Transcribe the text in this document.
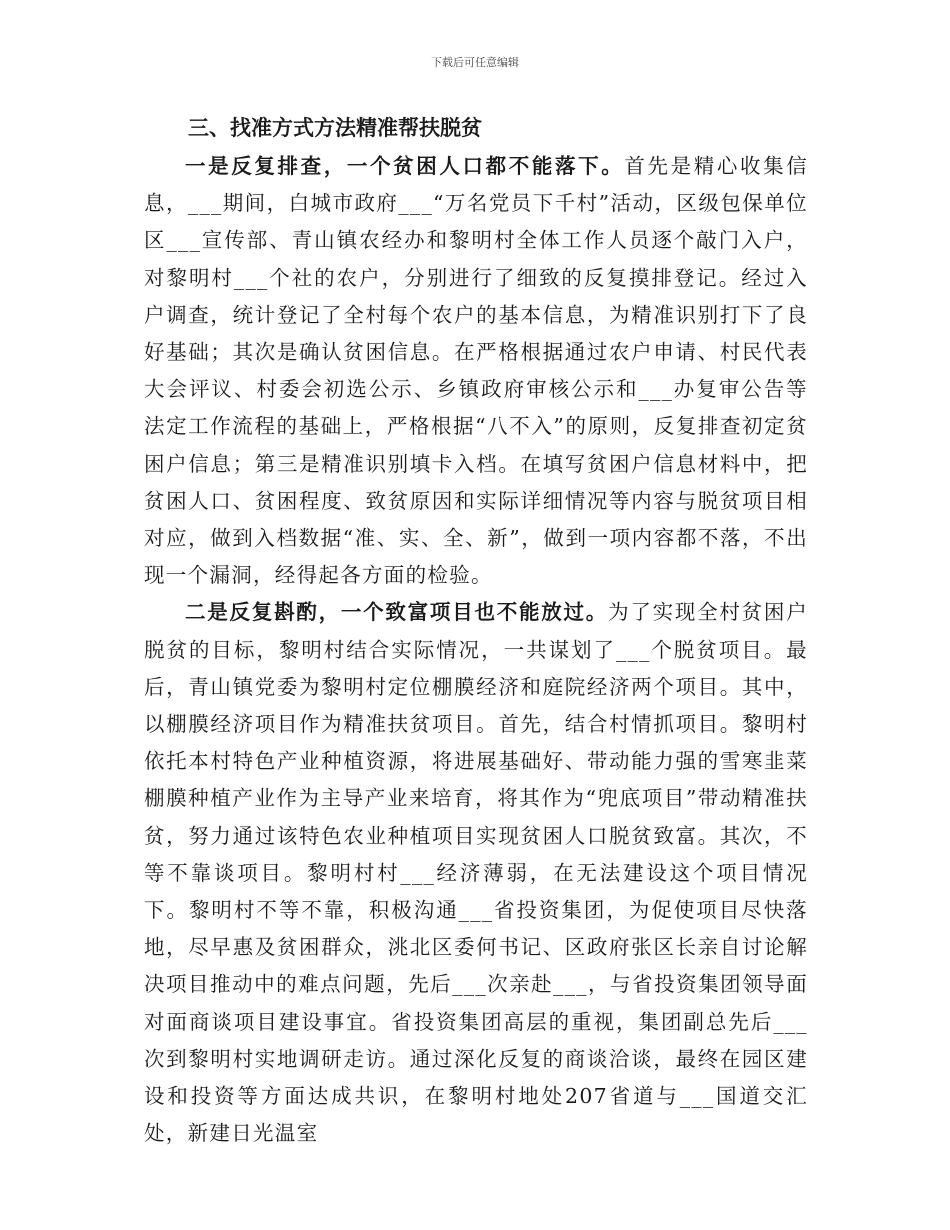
下载后可任意编辑
三、找准方式方法精准帮扶脱贫

一是反复排查，一个贫困人口都不能落下。首先是精心收集信息，___期间，白城市政府___“万名党员下千村”活动，区级包保单位区___宣传部、青山镇农经办和黎明村全体工作人员逐个敲门入户，对黎明村___个社的农户，分别进行了细致的反复摸排登记。经过入户调查，统计登记了全村每个农户的基本信息，为精准识别打下了良好基础；其次是确认贫困信息。在严格根据通过农户申请、村民代表大会评议、村委会初选公示、乡镇政府审核公示和___办复审公告等法定工作流程的基础上，严格根据“八不入”的原则，反复排查初定贫困户信息；第三是精准识别填卡入档。在填写贫困户信息材料中，把贫困人口、贫困程度、致贫原因和实际详细情况等内容与脱贫项目相对应，做到入档数据“准、实、全、新”，做到一项内容都不落，不出现一个漏洞，经得起各方面的检验。

二是反复斟酌，一个致富项目也不能放过。为了实现全村贫困户脱贫的目标，黎明村结合实际情况，一共谋划了___个脱贫项目。最后，青山镇党委为黎明村定位棚膜经济和庭院经济两个项目。其中，以棚膜经济项目作为精准扶贫项目。首先，结合村情抓项目。黎明村依托本村特色产业种植资源，将进展基础好、带动能力强的雪寒韭菜棚膜种植产业作为主导产业来培育，将其作为“兜底项目”带动精准扶贫，努力通过该特色农业种植项目实现贫困人口脱贫致富。其次，不等不靠谈项目。黎明村村___经济薄弱，在无法建设这个项目情况下。黎明村不等不靠，积极沟通___省投资集团，为促使项目尽快落地，尽早惠及贫困群众，洮北区委何书记、区政府张区长亲自讨论解决项目推动中的难点问题，先后___次亲赴___，与省投资集团领导面对面商谈项目建设事宜。省投资集团高层的重视，集团副总先后___次到黎明村实地调研走访。通过深化反复的商谈洽谈，最终在园区建设和投资等方面达成共识，在黎明村地处207省道与___国道交汇处，新建日光温室
